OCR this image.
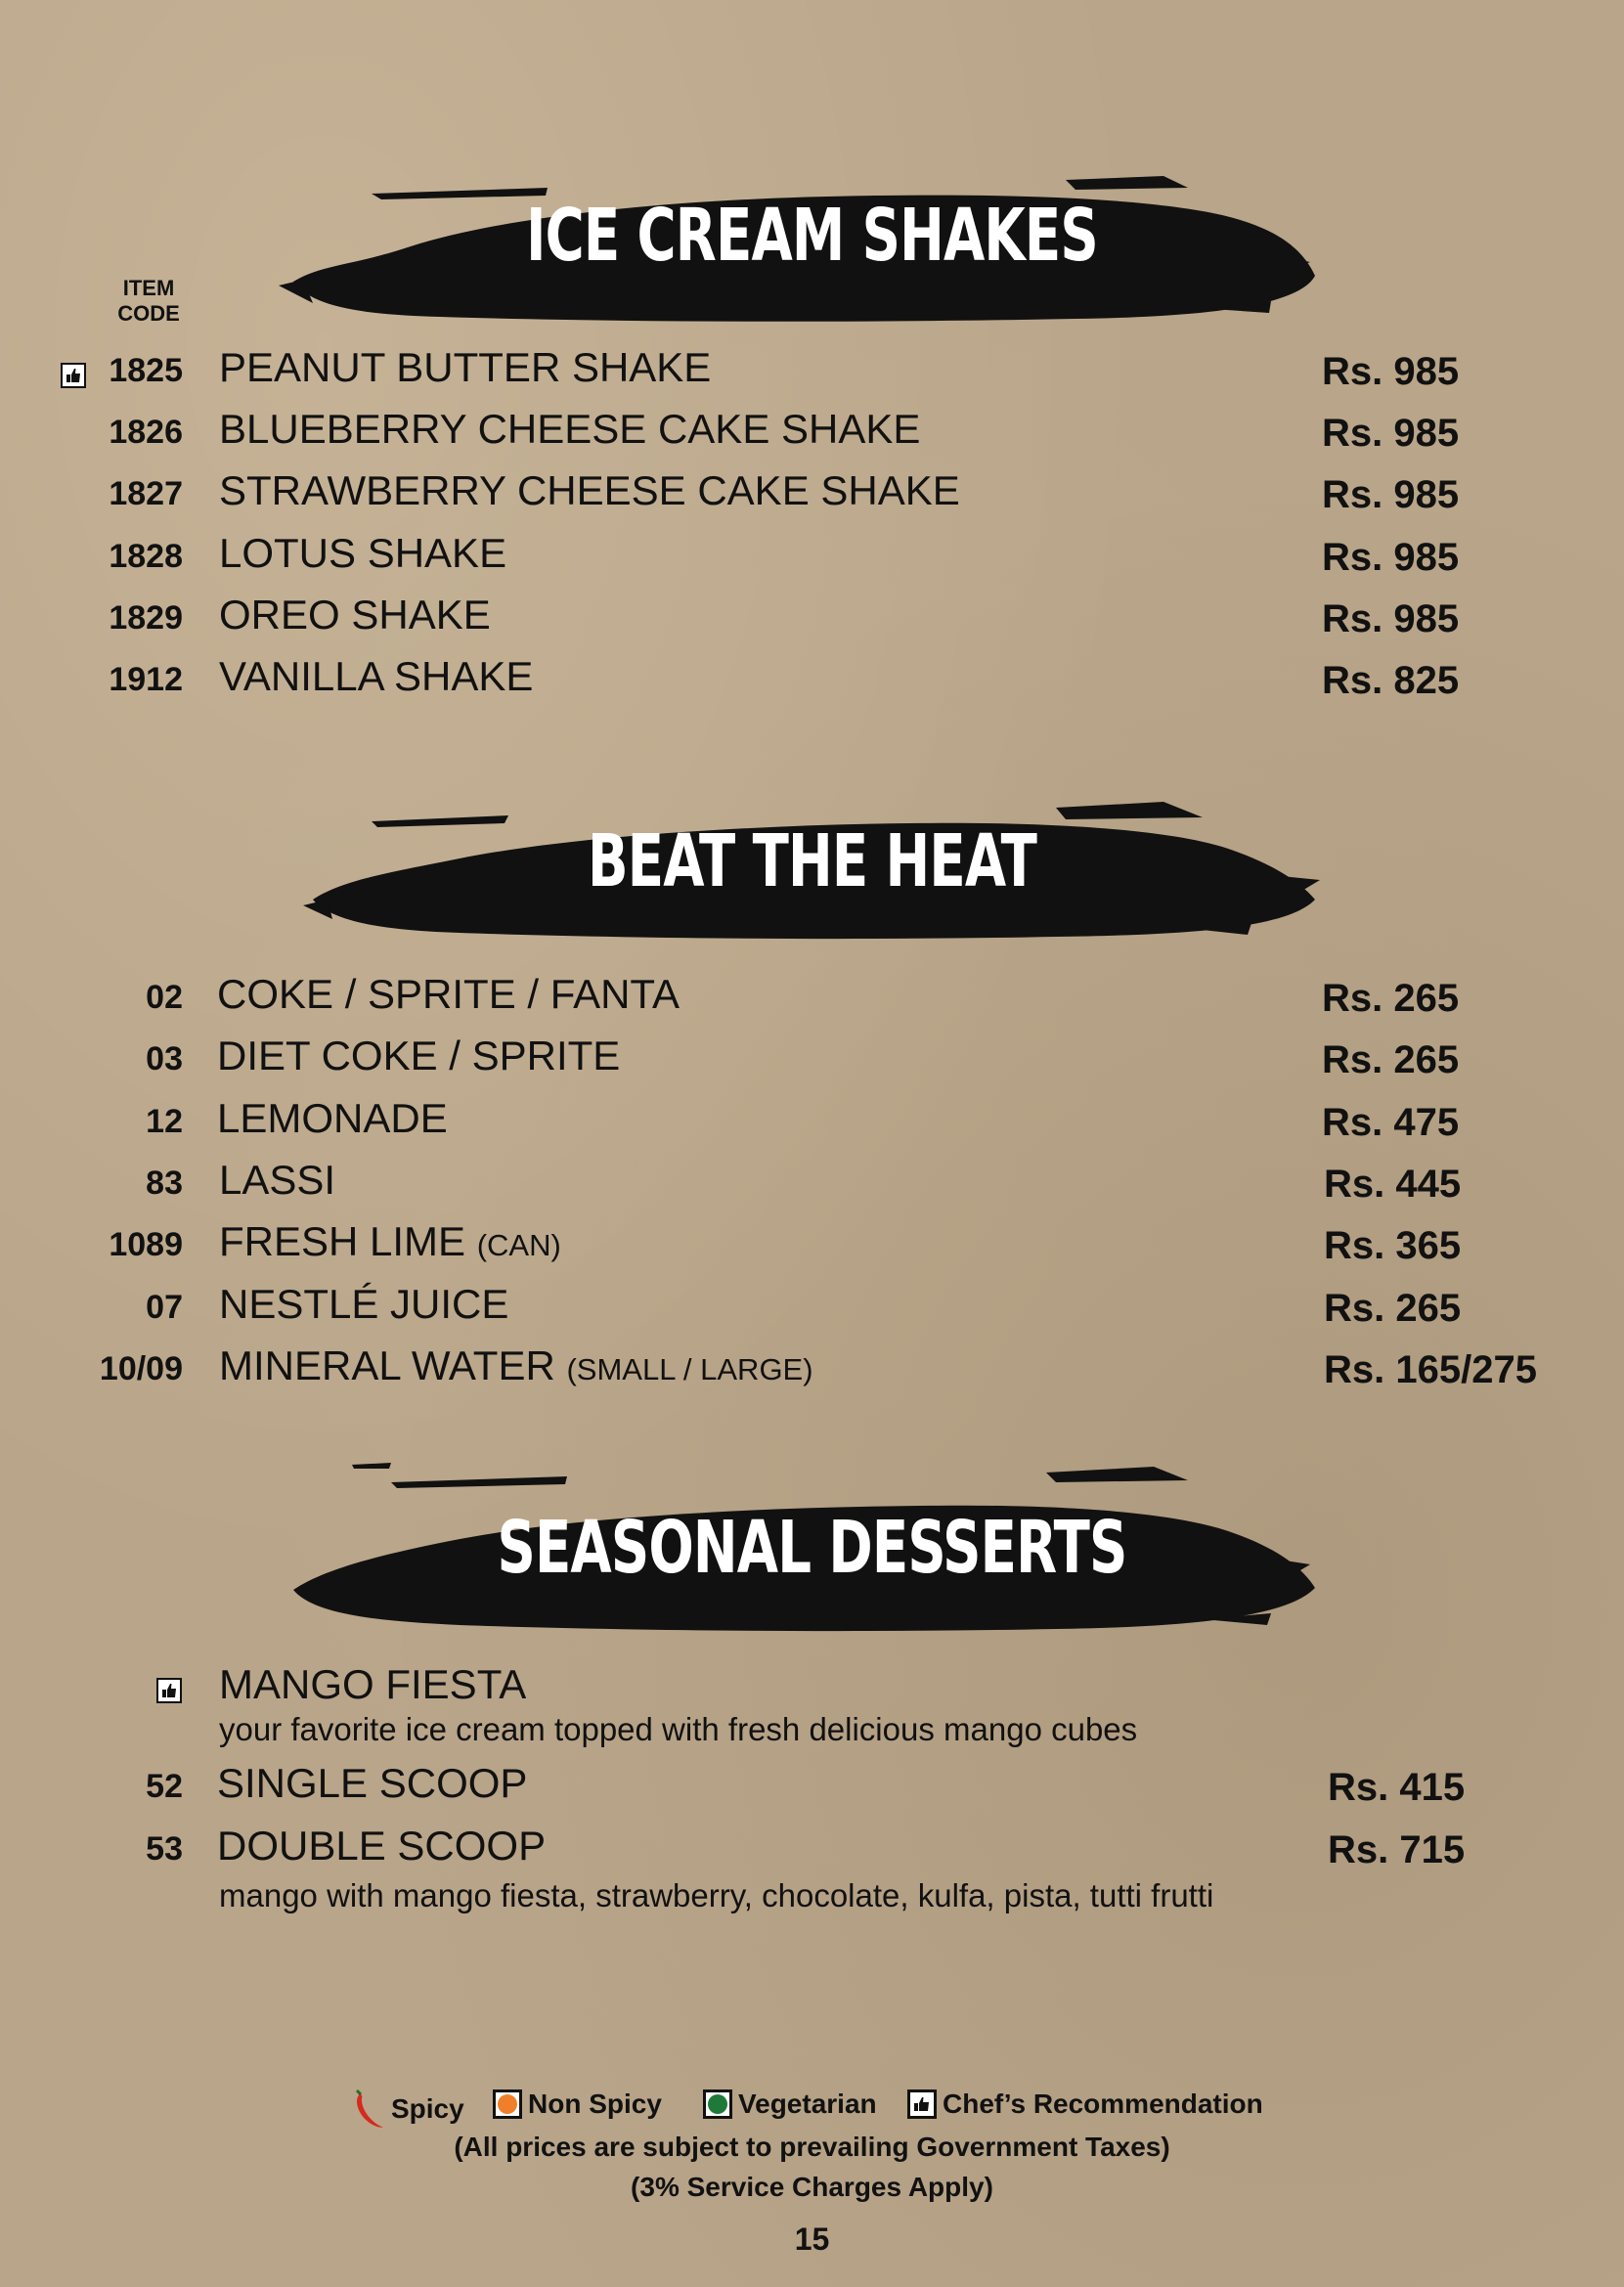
ICE CREAM SHAKES
ITEM
CODE
1825 PEANUT BUTTER SHAKE	Rs. 985
1826 BLUEBERRY CHEESE CAKE SHAKE	Rs. 985
1827 STRAWBERRY CHEESE CAKE SHAKE	Rs. 985
1828 LOTUS SHAKE	Rs. 985
1829 OREO SHAKE	Rs. 985
1912 VANILLA SHAKE	Rs. 825
BEAT THE HEAT
02 COKE / SPRITE / FANTA	Rs. 265
03 DIET COKE / SPRITE	Rs. 265
12 LEMONADE	Rs. 475
83 LASSI	Rs. 445
1089 FRESH LIME (CAN)	Rs. 365
07 NESTLÉ JUICE	Rs. 265
10/09 MINERAL WATER (SMALL / LARGE)	Rs. 165/275
SEASONAL DESSERTS
MANGO FIESTA
your favorite ice cream topped with fresh delicious mango cubes
52 SINGLE SCOOP	Rs. 415
53 DOUBLE SCOOP	Rs. 715
mango with mango fiesta, strawberry, chocolate, kulfa, pista, tutti frutti
Spicy Non Spicy	Vegetarian Chef’s Recommendation
(All prices are subject to prevailing Government Taxes)
(3% Service Charges Apply)
15
